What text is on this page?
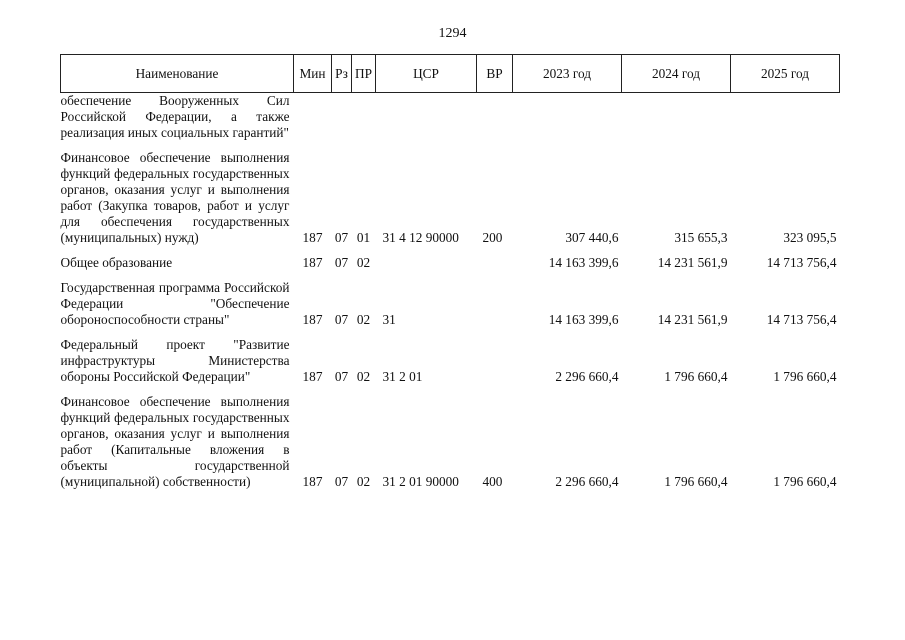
1294
Наименование	Мин	Рз	ПР	ЦСР	ВР	2023 год	2024 год	2025 год
обеспечение Вооруженных Сил Российской Федерации, а также реализация иных социальных гарантий"								
Финансовое обеспечение выполнения функций федеральных государственных органов, оказания услуг и выполнения работ (Закупка товаров, работ и услуг для обеспечения государственных (муниципальных) нужд)	187	07	01	31 4 12 90000	200	307 440,6	315 655,3	323 095,5
Общее образование	187	07	02			14 163 399,6	14 231 561,9	14 713 756,4
Государственная программа Российской Федерации "Обеспечение обороноспособности страны"	187	07	02	31		14 163 399,6	14 231 561,9	14 713 756,4
Федеральный проект "Развитие инфраструктуры Министерства обороны Российской Федерации"	187	07	02	31 2 01		2 296 660,4	1 796 660,4	1 796 660,4
Финансовое обеспечение выполнения функций федеральных государственных органов, оказания услуг и выполнения работ (Капитальные вложения в объекты государственной (муниципальной) собственности)	187	07	02	31 2 01 90000	400	2 296 660,4	1 796 660,4	1 796 660,4
